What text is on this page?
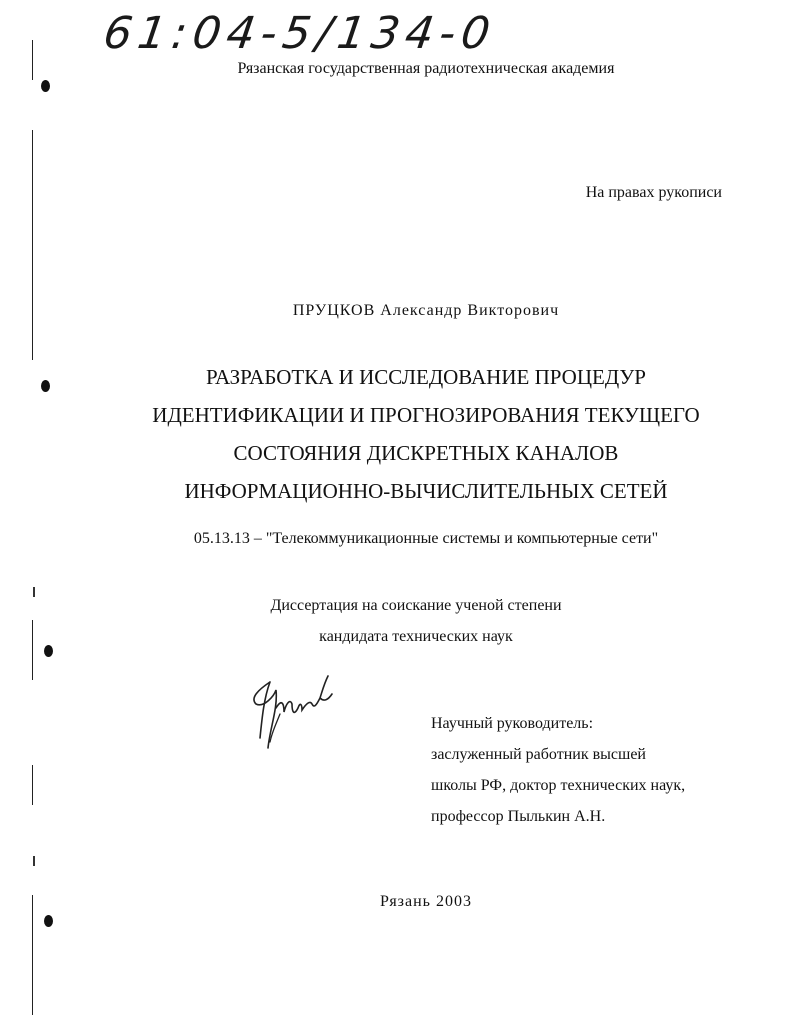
61:04-5/134-0
Рязанская государственная радиотехническая академия
На правах рукописи
ПРУЦКОВ Александр Викторович
РАЗРАБОТКА И ИССЛЕДОВАНИЕ ПРОЦЕДУР
ИДЕНТИФИКАЦИИ И ПРОГНОЗИРОВАНИЯ ТЕКУЩЕГО
СОСТОЯНИЯ ДИСКРЕТНЫХ КАНАЛОВ
ИНФОРМАЦИОННО-ВЫЧИСЛИТЕЛЬНЫХ СЕТЕЙ
05.13.13 – "Телекоммуникационные системы и компьютерные сети"
Диссертация на соискание ученой степени
кандидата технических наук
Научный руководитель:
заслуженный работник высшей
школы РФ, доктор технических наук,
профессор Пылькин А.Н.
Рязань 2003
